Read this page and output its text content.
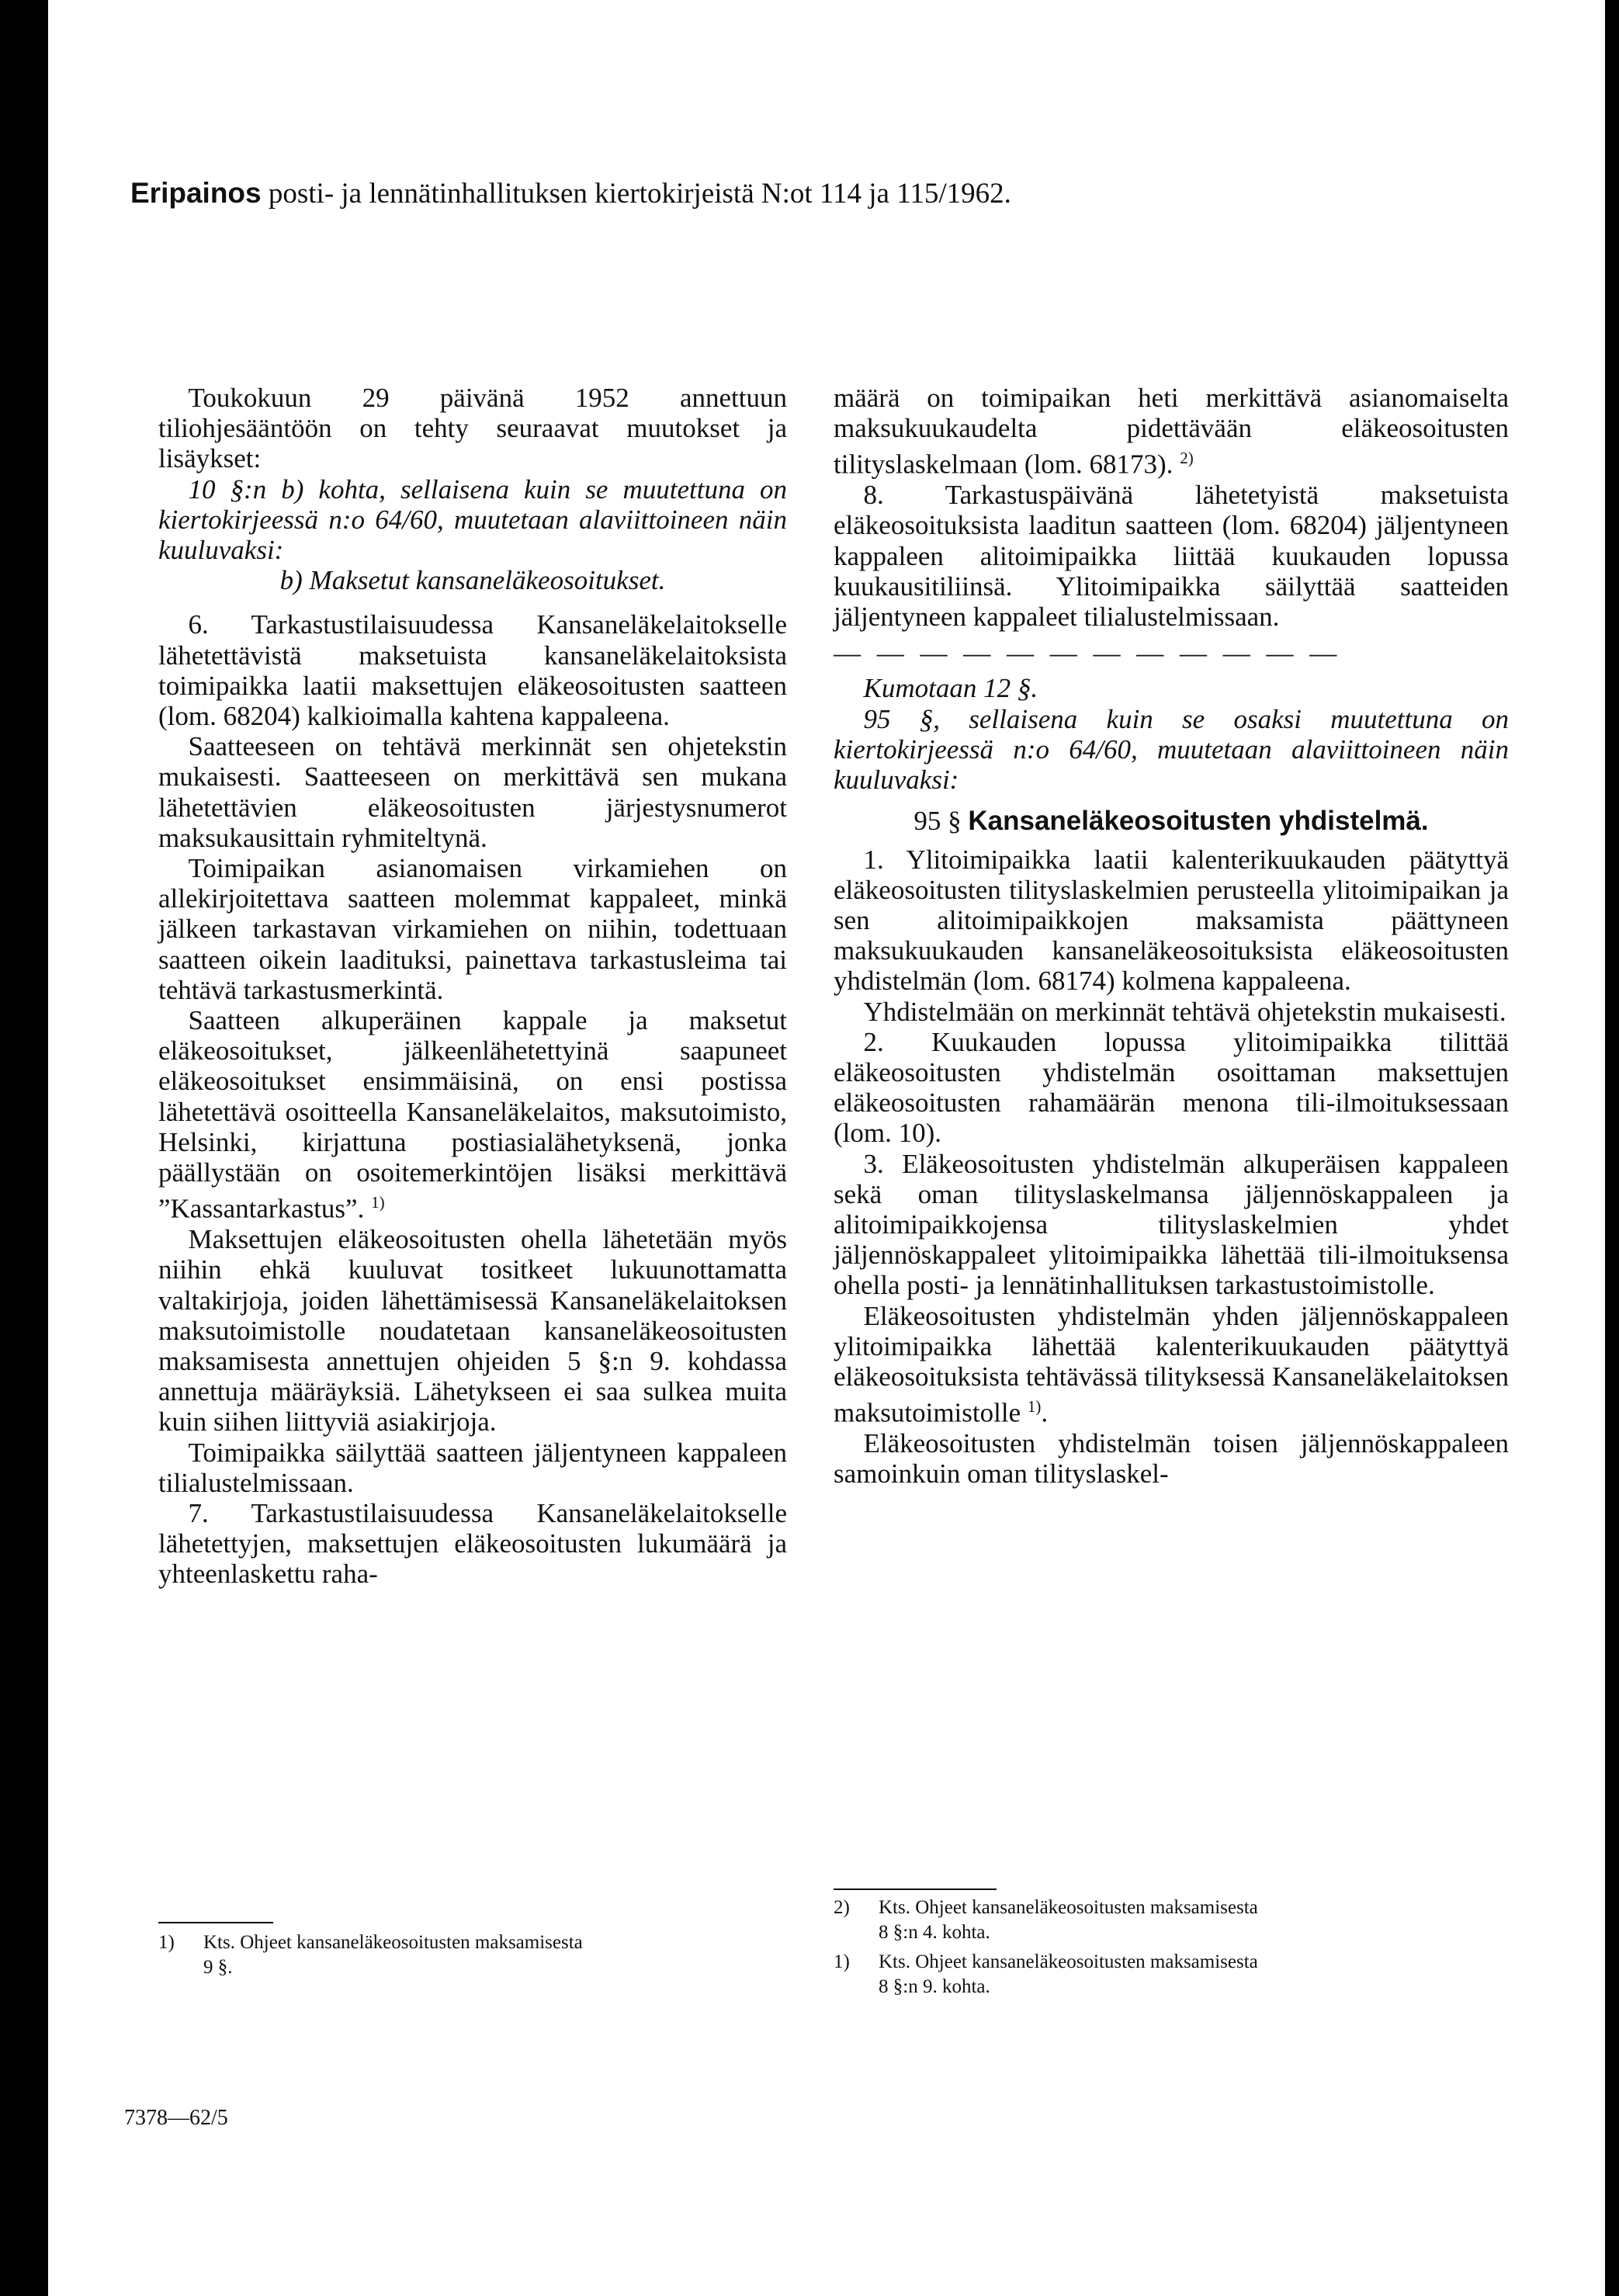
Eripainos posti- ja lennätinhallituksen kiertokirjeistä N:ot 114 ja 115/1962.

Toukokuun 29 päivänä 1952 annettuun tiliohjesääntöön on tehty seuraavat muutokset ja lisäykset:

10 §:n b) kohta, sellaisena kuin se muutettuna on kiertokirjeessä n:o 64/60, muutetaan alaviittoineen näin kuuluvaksi:

b) Maksetut kansaneläkeosoitukset.

6. Tarkastustilaisuudessa Kansaneläkelaitokselle lähetettävistä maksetuista kansaneläkelaitoksista toimipaikka laatii maksettujen eläkeosoitusten saatteen (lom. 68204) kalkioimalla kahtena kappaleena.

Saatteeseen on tehtävä merkinnät sen ohjetekstin mukaisesti. Saatteeseen on merkittävä sen mukana lähetettävien eläkeosoitusten järjestysnumerot maksukausittain ryhmiteltynä.

Toimipaikan asianomaisen virkamiehen on allekirjoitettava saatteen molemmat kappaleet, minkä jälkeen tarkastavan virkamiehen on niihin, todettuaan saatteen oikein laadituksi, painettava tarkastusleima tai tehtävä tarkastusmerkintä.

Saatteen alkuperäinen kappale ja maksetut eläkeosoitukset, jälkeenlähetettyinä saapuneet eläkeosoitukset ensimmäisinä, on ensi postissa lähetettävä osoitteella Kansaneläkelaitos, maksutoimisto, Helsinki, kirjattuna postiasialähetyksenä, jonka päällystään on osoitemerkintöjen lisäksi merkittävä ”Kassantarkastus”. $^{1)}$

Maksettujen eläkeosoitusten ohella lähetetään myös niihin ehkä kuuluvat tositkeet lukuunottamatta valtakirjoja, joiden lähettämisessä Kansaneläkelaitoksen maksutoimistolle noudatetaan kansaneläkeosoitusten maksamisesta annettujen ohjeiden 5 §:n 9. kohdassa annettuja määräyksiä. Lähetykseen ei saa sulkea muita kuin siihen liittyviä asiakirjoja.

Toimipaikka säilyttää saatteen jäljentyneen kappaleen tilialustelmissaan.

7. Tarkastustilaisuudessa Kansaneläkelaitokselle lähetettyjen, maksettujen eläkeosoitusten lukumäärä ja yhteenlaskettu raha-

1) Kts. Ohjeet kansaneläkeosoitusten maksamisesta
9 §.
7378—62/5

määrä on toimipaikan heti merkittävä asianomaiselta maksukuukaudelta pidettävään eläkeosoitusten tilityslaskelmaan (lom. 68173). $^{2)}$

8. Tarkastuspäivänä lähetetyistä maksetuista eläkeosoituksista laaditun saatteen (lom. 68204) jäljentyneen kappaleen alitoimipaikka liittää kuukauden lopussa kuukausitiliinsä. Ylitoimipaikka säilyttää saatteiden jäljentyneen kappaleet tilialustelmissaan.

— — — — — — — — — — — —

Kumotaan 12 §.

95 §, sellaisena kuin se osaksi muutettuna on kiertokirjeessä n:o 64/60, muutetaan alaviittoineen näin kuuluvaksi:

95 § Kansaneläkeosoitusten yhdistelmä.

1. Ylitoimipaikka laatii kalenterikuukauden päätyttyä eläkeosoitusten tilityslaskelmien perusteella ylitoimipaikan ja sen alitoimipaikkojen maksamista päättyneen maksukuukauden kansaneläkeosoituksista eläkeosoitusten yhdistelmän (lom. 68174) kolmena kappaleena.

Yhdistelmään on merkinnät tehtävä ohjetekstin mukaisesti.

2. Kuukauden lopussa ylitoimipaikka tilittää eläkeosoitusten yhdistelmän osoittaman maksettujen eläkeosoitusten rahamäärän menona tili-ilmoituksessaan (lom. 10).

3. Eläkeosoitusten yhdistelmän alkuperäisen kappaleen sekä oman tilityslaskelmansa jäljennöskappaleen ja alitoimipaikkojensa tilityslaskelmien yhdet jäljennöskappaleet ylitoimipaikka lähettää tili-ilmoituksensa ohella posti- ja lennätinhallituksen tarkastustoimistolle.

Eläkeosoitusten yhdistelmän yhden jäljennöskappaleen ylitoimipaikka lähettää kalenterikuukauden päätyttyä eläkeosoituksista tehtävässä tilityksessä Kansaneläkelaitoksen maksutoimistolle $^{1)}$.

Eläkeosoitusten yhdistelmän toisen jäljennöskappaleen samoinkuin oman tilityslaskel-

2) Kts. Ohjeet kansaneläkeosoitusten maksamisesta
8 §:n 4. kohta.
1) Kts. Ohjeet kansaneläkeosoitusten maksamisesta
8 §:n 9. kohta.
